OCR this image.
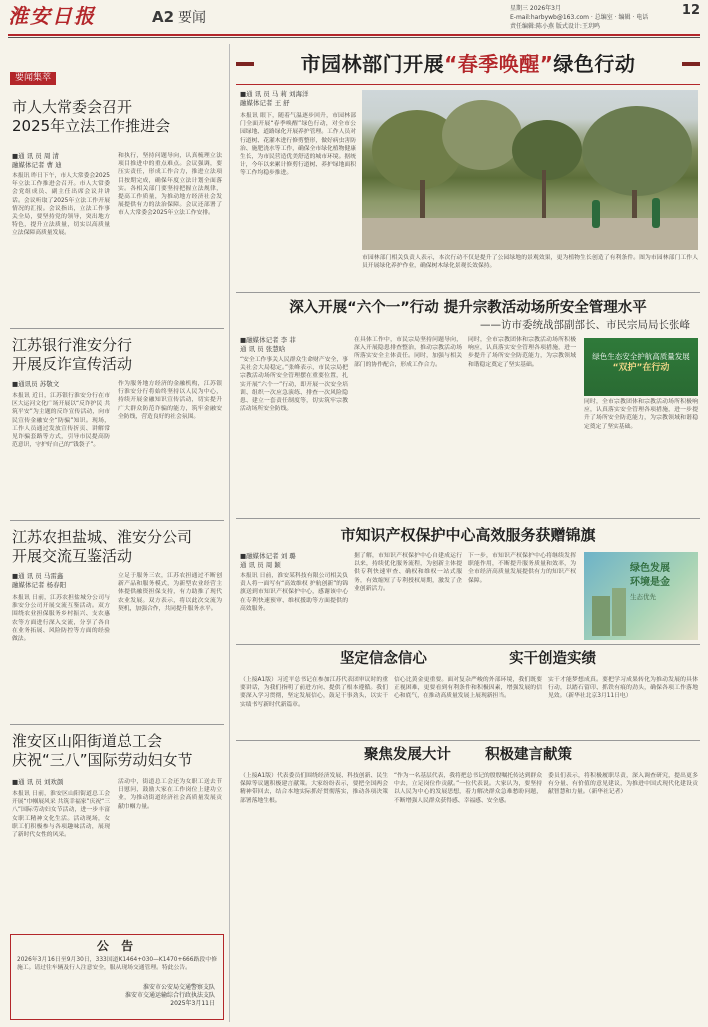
淮安日报	A2 要闻
星期三 2026年3月
E-mail:harbywb@163.com · 总编室 · 编辑 · 电话
责任编辑:陈小燕 版式设计:王玥鸣
12
要闻集萃
市人大常委会召开
2025年立法工作推进会
■通 讯 员 周 清
融媒体记者 曹 迪
本报讯 昨日下午，市人大常委会2025年立法工作推进会召开。市人大常委会党组成员、副主任出席会议并讲话。会议听取了2025年立法工作开展情况的汇报。会议指出，立法工作事关全局，要坚持党的领导，突出地方特色，提升立法质量，切实以高质量立法保障高质量发展。
和执行，坚持问题导向，认真梳理立法项目推进中的重点难点。会议强调，要压实责任，形成工作合力，推进立法项目按期完成，确保年度立法计划全面落实。各相关部门要坚持把握立法规律，提高工作质量，为推动地方经济社会发展提供有力的法治保障。会议还部署了市人大常委会2025年立法工作安排。
江苏银行淮安分行
开展反诈宣传活动
■通讯员 苏敬文
本报讯 近日，江苏银行淮安分行在市区大运河文化广场开展以“反诈护民 共筑平安”为主题的反诈宣传活动，向市民宣传金融安全“防骗”知识。现场，工作人员通过发放宣传折页、讲解常见诈骗套路等方式，引导市民提高防范意识，守护好自己的“钱袋子”。
作为服务地方经济的金融机构，江苏银行淮安分行将始终坚持以人民为中心，持续开展金融知识宣传活动，切实提升广大群众防范诈骗的能力，筑牢金融安全防线，营造良好的社会氛围。
江苏农担盐城、淮安分公司
开展交流互鉴活动
■通 讯 员 马雷鑫
融媒体记者 杨春阳
本报讯 日前，江苏农担盐城分公司与淮安分公司开展交流互鉴活动。双方围绕农业担保服务乡村振兴、支农惠农等方面进行深入交流，分享了各自在业务拓展、风险防控等方面的经验做法。
立足于服务三农，江苏农担通过不断创新产品和服务模式，为新型农业经营主体提供融资担保支持，有力助推了现代农业发展。双方表示，将以此次交流为契机，加强合作，共同提升服务水平。
淮安区山阳街道总工会
庆祝“三八”国际劳动妇女节
■通 讯 员 刘欢颜
本报讯 日前，淮安区山阳街道总工会开展“巾帼展风采 共筑幸福家”庆祝“三八”国际劳动妇女节活动，进一步丰富女职工精神文化生活。活动现场，女职工们积极参与各项趣味活动，展现了新时代女性的风采。
活动中，街道总工会还为女职工送去节日慰问，鼓励大家在工作岗位上建功立业，为推动街道经济社会高质量发展贡献巾帼力量。
公 告
2026年3月16日至9月30日，333国道K1464+030—K1470+666路段中修施工。请过往车辆及行人注意安全，服从现场交通管理。特此公告。
淮安市公安局交通警察支队
淮安市交通运输综合行政执法支队
2025年3月11日
市园林部门开展“春季唤醒”绿色行动
■通 讯 员 马 莉 刘海洋
融媒体记者 王 舒
本报讯 眼下，随着气温逐步回升，市园林部门全面开展“春季唤醒”绿色行动，对全市公园绿地、道路绿化开展养护管理。工作人员对行道树、花灌木进行修剪整形，做好病虫害防治、施肥浇水等工作，确保全市绿化植物健康生长，为市民营造优美舒适的城市环境。据统计，今年以来累计修剪行道树、养护绿地面积等工作均稳步推进。
市园林部门相关负责人表示，本次行动不仅是提升了公园绿地的景观效果，更为植物生长创造了有利条件。图为市园林部门工作人员开展绿化养护作业，确保树木绿化景观长效保持。
深入开展“六个一”行动 提升宗教活动场所安全管理水平
——访市委统战部副部长、市民宗局局长张峰
■融媒体记者 李 菲
通 讯 员 张慧晗
“安全工作事关人民群众生命财产安全，事关社会大局稳定。”张峰表示，市民宗局把宗教活动场所安全管理摆在重要位置，扎实开展“六个一”行动，即开展一次安全培训、组织一次应急演练、排查一次风险隐患、建立一套责任制度等，切实筑牢宗教活动场所安全防线。
在具体工作中，市民宗局坚持问题导向，深入开展隐患排查整治，推动宗教活动场所落实安全主体责任。同时，加强与相关部门的协作配合，形成工作合力。
同时，全市宗教团体和宗教活动场所积极响应，认真落实安全管理各项措施，进一步提升了场所安全防范能力，为宗教领域和谐稳定奠定了坚实基础。
绿色生态安全护航高质量发展
“双护”在行动
同时，全市宗教团体和宗教活动场所积极响应，认真落实安全管理各项措施，进一步提升了场所安全防范能力，为宗教领域和谐稳定奠定了坚实基础。
市知识产权保护中心高效服务获赠锦旗
■融媒体记者 刘 璐
通 讯 员 周 颖
本报讯 日前，淮安某科技有限公司相关负责人将一面写有“高效维权 护航创新”的锦旗送到市知识产权保护中心，感谢该中心在专利快速预审、维权援助等方面提供的高效服务。
据了解，市知识产权保护中心自建成运行以来，持续优化服务流程，为创新主体提供专利快速审查、确权和维权一站式服务，有效缩短了专利授权周期，激发了企业创新活力。
下一步，市知识产权保护中心将继续发挥职能作用，不断提升服务质量和效率，为全市经济高质量发展提供有力的知识产权保障。
绿色发展
环境是金
生态优先
坚定信念信心	实干创造实绩
（上接A1版）习近平总书记在参加江苏代表团审议时的重要讲话，为我们指明了前进方向、提供了根本遵循。我们要深入学习贯彻，坚定发展信心，鼓足干事劲头，以实干实绩书写新时代新篇章。
信心比黄金更重要。面对复杂严峻的外部环境，我们既要正视困难，更要看到有利条件和积极因素，增强发展的信心和底气，在推动高质量发展上展现新担当。
实干才能梦想成真。要把学习成果转化为推动发展的具体行动，以踏石留印、抓铁有痕的劲头，确保各项工作落地见效。（新华社北京3月11日电）
聚焦发展大计 积极建言献策
（上接A1版）代表委员们围绕经济发展、科技创新、民生保障等议题积极建言献策。大家纷纷表示，要把全国两会精神带回去，结合本地实际抓好贯彻落实，推动各项决策部署落地生根。
“作为一名基层代表，我将把总书记的殷殷嘱托传达到群众中去，立足岗位作贡献。”一位代表说。大家认为，要坚持以人民为中心的发展思想，着力解决群众急难愁盼问题，不断增强人民群众获得感、幸福感、安全感。
委员们表示，将积极履职尽责，深入调查研究，提出更多有分量、有价值的意见建议，为推进中国式现代化建设贡献智慧和力量。（新华社记者）
